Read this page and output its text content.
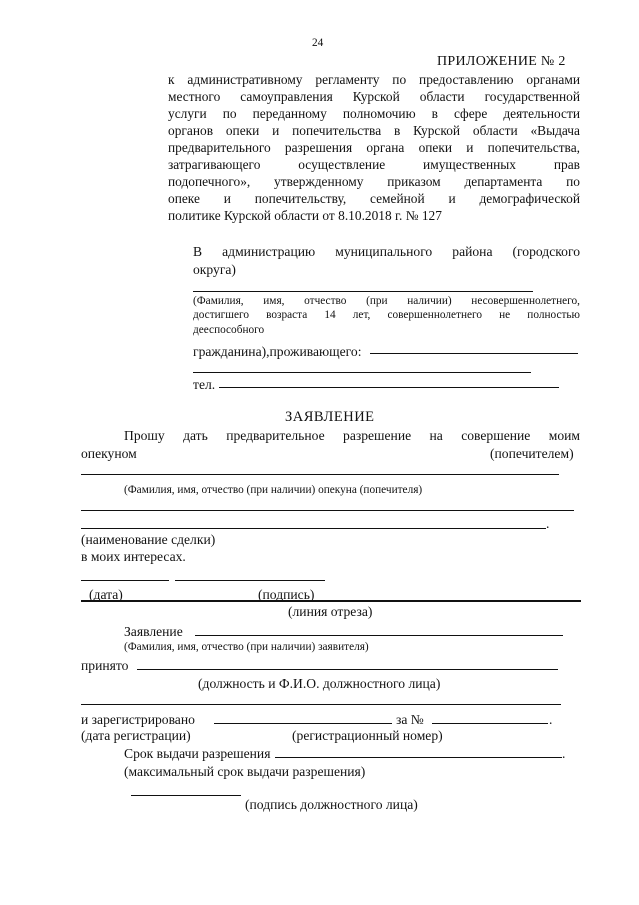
24
ПРИЛОЖЕНИЕ № 2
к административному регламенту по предоставлению органами
местного самоуправления Курской области государственной
услуги по переданному полномочию в сфере деятельности
органов опеки и попечительства в Курской области «Выдача
предварительного разрешения органа опеки и попечительства,
затрагивающего осуществление имущественных прав
подопечного», утвержденному приказом департамента по
опеке и попечительству, семейной и демографической
политике Курской области от 8.10.2018 г. № 127
В администрацию муниципального района (городского
округа)
(Фамилия, имя, отчество (при наличии) несовершеннолетнего,
достигшего возраста 14 лет, совершеннолетнего не полностью
дееспособного
гражданина),проживающего:
тел.
ЗАЯВЛЕНИЕ
Прошу дать предварительное разрешение на совершение моим
опекуном	(попечителем)
(Фамилия, имя, отчество (при наличии) опекуна (попечителя)
.
(наименование сделки)
в моих интересах.
(дата)	(подпись)
(линия отреза)
Заявление
(Фамилия, имя, отчество (при наличии) заявителя)
принято
(должность и Ф.И.О. должностного лица)
и зарегистрировано	за №	.
(дата регистрации)	(регистрационный номер)
Срок выдачи разрешения	.
(максимальный срок выдачи разрешения)
(подпись должностного лица)
